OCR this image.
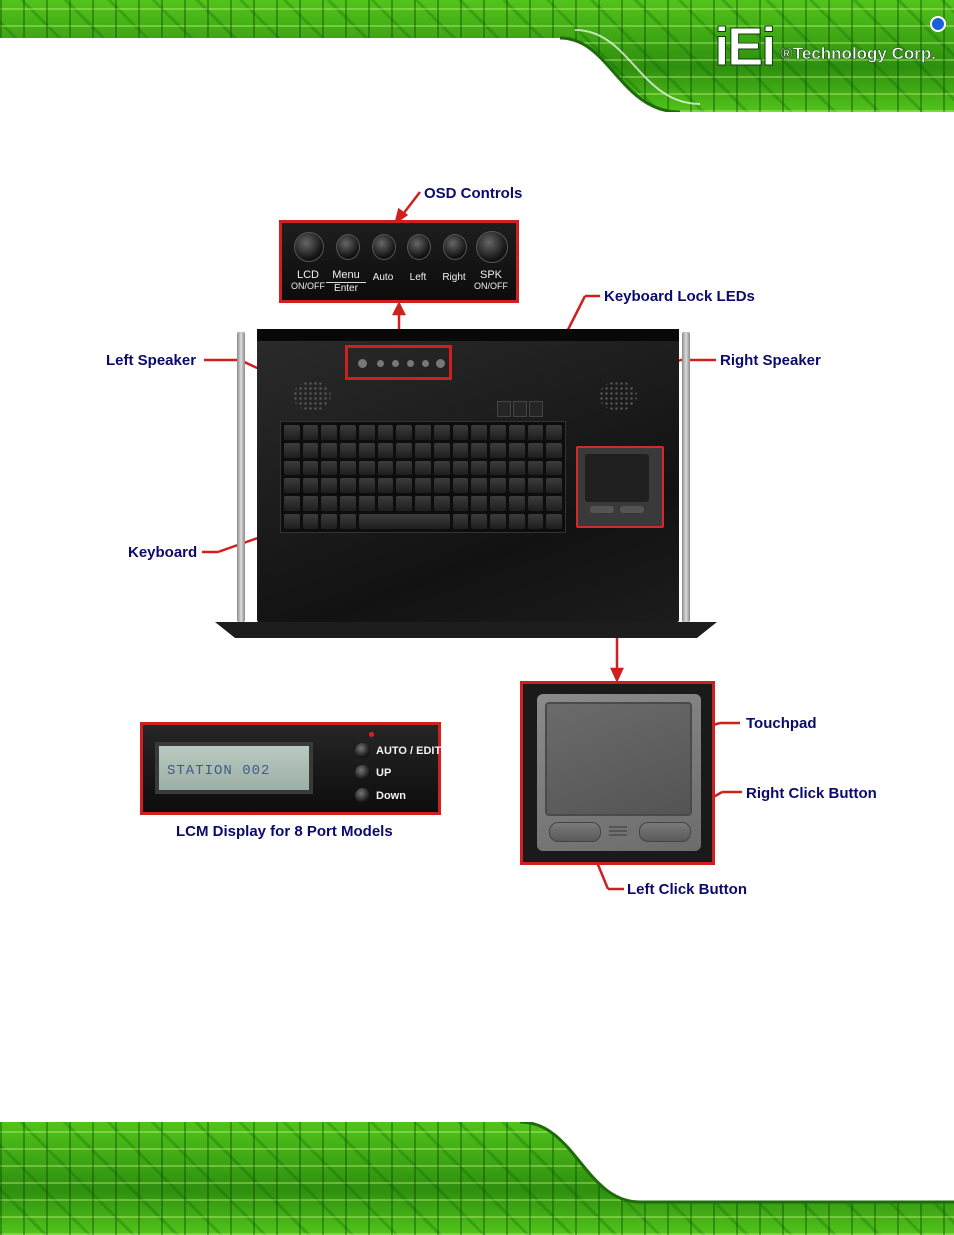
iEi ®Technology Corp.
OSD Controls
Keyboard Lock LEDs
Left Speaker	Right Speaker
Keyboard
Touchpad
Right Click Button
Left Click Button
LCM Display for 8 Port Models
LCD
ON/OFF
Menu
Enter
Auto	Left	Right	SPK
ON/OFF
STATION 002
AUTO / EDIT
UP
Down
